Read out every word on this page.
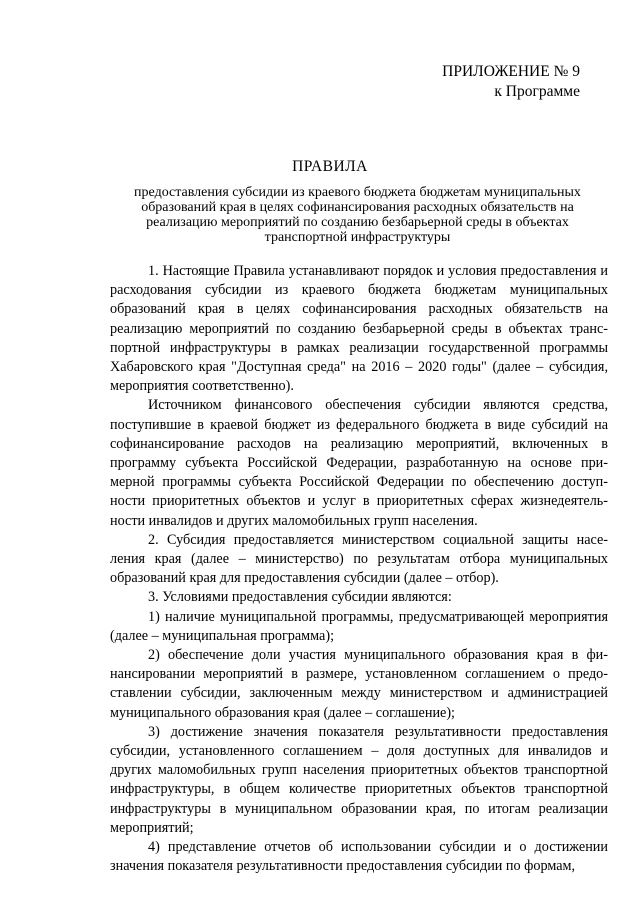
ПРИЛОЖЕНИЕ № 9
к Программе
ПРАВИЛА
предоставления субсидии из краевого бюджета бюджетам муниципальных образований края в целях софинансирования расходных обязательств на реализацию мероприятий по созданию безбарьерной среды в объектах транспортной инфраструктуры

1. Настоящие Правила устанавливают порядок и условия предоставления и расходования субсидии из краевого бюджета бюджетам муниципальных образований края в целях софинансирования расходных обязательств на реализацию мероприятий по созданию безбарьерной среды в объектах транспортной инфраструктуры в рамках реализации государственной программы Хабаровского края "Доступная среда" на 2016 – 2020 годы" (далее – субсидия, мероприятия соответственно).

Источником финансового обеспечения субсидии являются средства, поступившие в краевой бюджет из федерального бюджета в виде субсидий на софинансирование расходов на реализацию мероприятий, включенных в программу субъекта Российской Федерации, разработанную на основе примерной программы субъекта Российской Федерации по обеспечению доступности приоритетных объектов и услуг в приоритетных сферах жизнедеятельности инвалидов и других маломобильных групп населения.

2. Субсидия предоставляется министерством социальной защиты населения края (далее – министерство) по результатам отбора муниципальных образований края для предоставления субсидии (далее – отбор).

3. Условиями предоставления субсидии являются:

1) наличие муниципальной программы, предусматривающей мероприятия (далее – муниципальная программа);

2) обеспечение доли участия муниципального образования края в финансировании мероприятий в размере, установленном соглашением о предоставлении субсидии, заключенным между министерством и администрацией муниципального образования края (далее – соглашение);

3) достижение значения показателя результативности предоставления субсидии, установленного соглашением – доля доступных для инвалидов и других маломобильных групп населения приоритетных объектов транспортной инфраструктуры, в общем количестве приоритетных объектов транспортной инфраструктуры в муниципальном образовании края, по итогам реализации мероприятий;

4) представление отчетов об использовании субсидии и о достижении значения показателя результативности предоставления субсидии по формам,
